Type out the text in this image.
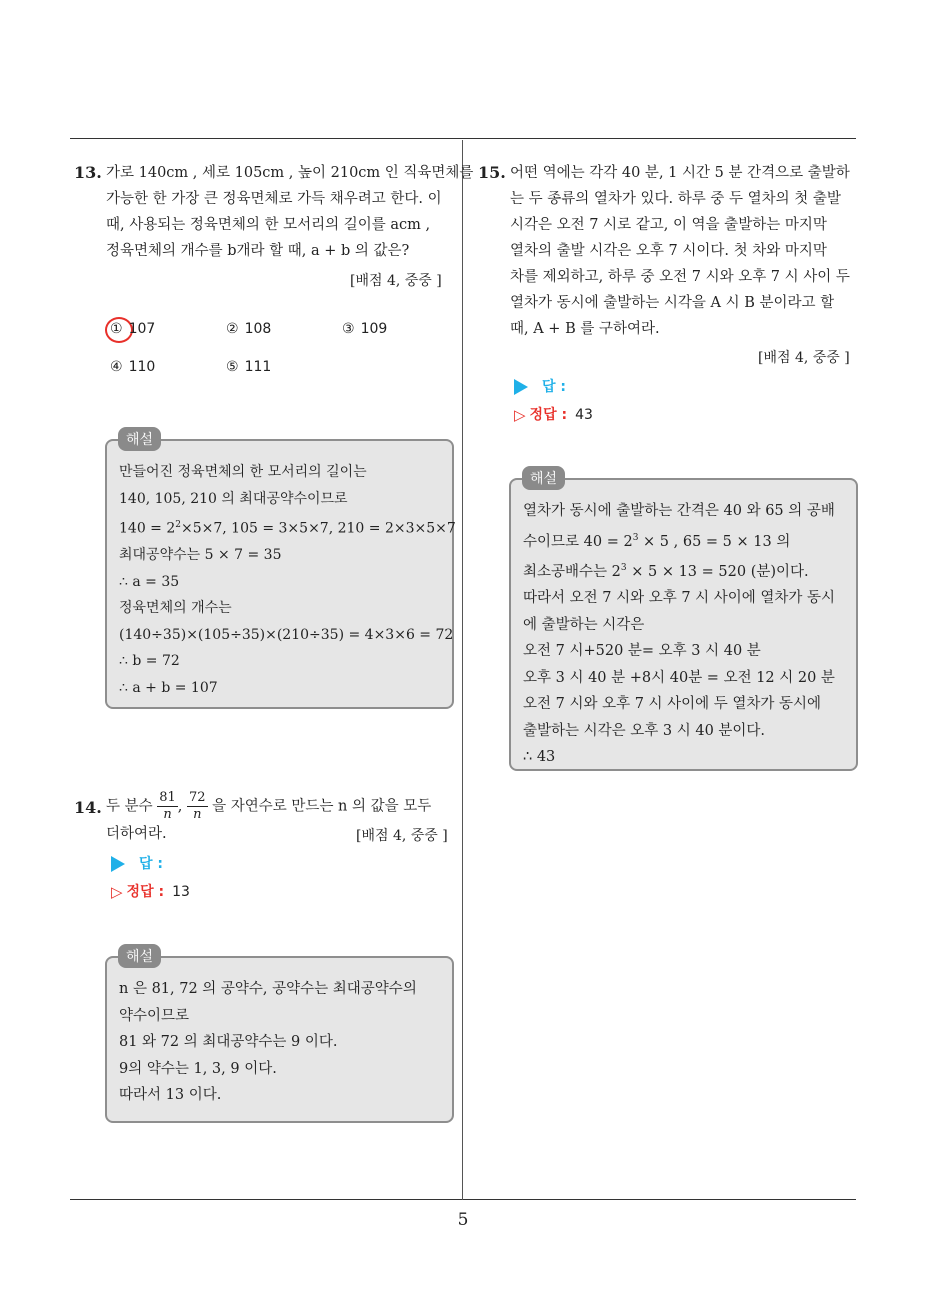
13. 가로 140cm , 세로 105cm , 높이 210cm 인 직육면체를
가능한 한 가장 큰 정육면체로 가득 채우려고 한다. 이
때, 사용되는 정육면체의 한 모서리의 길이를 acm ,
정육면체의 개수를 b개라 할 때, a + b 의 값은?
[배점 4, 중중 ]
① 107	② 108	③ 109
④ 110	⑤ 111
만들어진 정육면체의 한 모서리의 길이는
140, 105, 210 의 최대공약수이므로
$140 = 2^2\times 5\times 7$, 105 = 3×5×7, 210 = 2×3×5×7
최대공약수는 5 × 7 = 35
∴ a = 35
정육면체의 개수는
(140÷35)×(105÷35)×(210÷35) = 4×3×6 = 72
∴ b = 72
∴ a + b = 107
해설
14. 두 분수 $\frac{81}{n}$ , $\frac{72}{n}$ 을 자연수로 만드는 n 의 값을 모두
더하여라.	[배점 4, 중중 ]
답 :
▷ 정답 : 13
n 은 81, 72 의 공약수, 공약수는 최대공약수의
약수이므로
81 와 72 의 최대공약수는 9 이다.
9의 약수는 1, 3, 9 이다.
따라서 13 이다.
해설
15. 어떤 역에는 각각 40 분, 1 시간 5 분 간격으로 출발하
는 두 종류의 열차가 있다. 하루 중 두 열차의 첫 출발
시각은 오전 7 시로 같고, 이 역을 출발하는 마지막
열차의 출발 시각은 오후 7 시이다. 첫 차와 마지막
차를 제외하고, 하루 중 오전 7 시와 오후 7 시 사이 두
열차가 동시에 출발하는 시각을 A 시 B 분이라고 할
때, A + B 를 구하여라.
[배점 4, 중중 ]
답 :
▷ 정답 : 43
열차가 동시에 출발하는 간격은 40 와 65 의 공배
수이므로 $40 = 2^3 \times 5$ , 65 = 5 × 13 의
최소공배수는 $2^3 \times 5 \times 13 = 520$ (분)이다.
따라서 오전 7 시와 오후 7 시 사이에 열차가 동시
에 출발하는 시각은
오전 7 시+520 분= 오후 3 시 40 분
오후 3 시 40 분 +8시 40분 = 오전 12 시 20 분
오전 7 시와 오후 7 시 사이에 두 열차가 동시에
출발하는 시각은 오후 3 시 40 분이다.
∴ 43
해설
5
